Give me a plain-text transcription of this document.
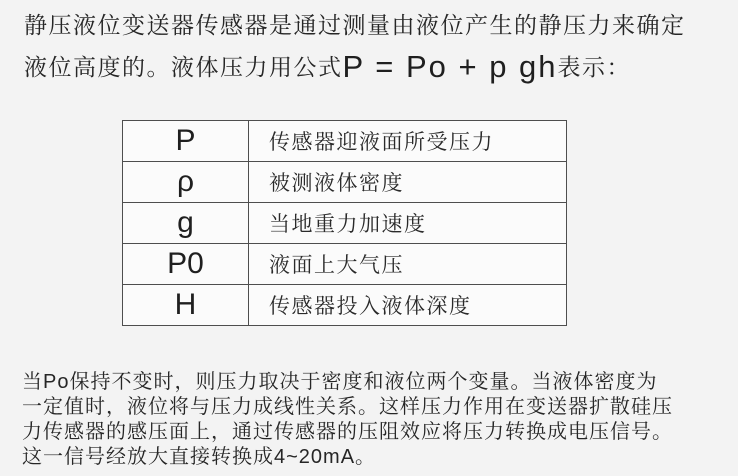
静压液位变送器传感器是通过测量由液位产生的静压力来确定
液位高度的。液体压力用公式P = Po + p gh表示：
P	传感器迎液面所受压力
ρ	被测液体密度
g	当地重力加速度
P0	液面上大气压
H	传感器投入液体深度
当Po保持不变时，则压力取决于密度和液位两个变量。当液体密度为
一定值时，液位将与压力成线性关系。这样压力作用在变送器扩散硅压
力传感器的感压面上，通过传感器的压阻效应将压力转换成电压信号。
这一信号经放大直接转换成4~20mA。
